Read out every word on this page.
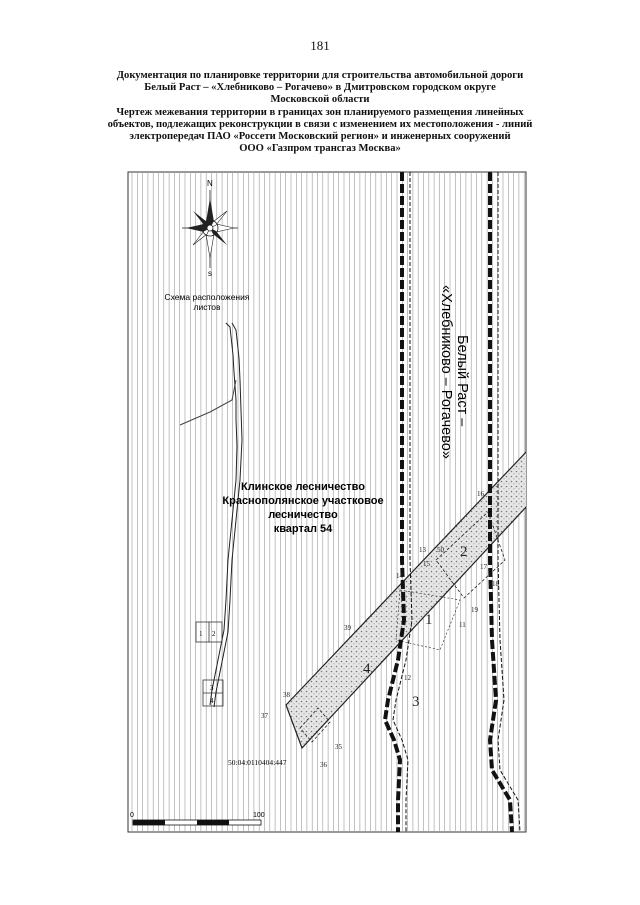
181
Документация по планировке территории для строительства автомобильной дороги
Белый Раст – «Хлебниково – Рогачево» в Дмитровском городском округе
Московской области
Чертеж межевания территории в границах зон планируемого размещения линейных
объектов, подлежащих реконструкции в связи с изменением их местоположения - линий
электропередач ПАО «Россети Московский регион» и инженерных сооружений
ООО «Газпром трансгаз Москва»
1 2
3
4
N
s
Схема расположения
листов
Белый Раст –
«Хлебниково – Рогачево»
Клинское лесничество
Краснополянское участковое
лесничество
квартал 54
1
2
3
4
16
13 50
17
15
14
18
19
11
39
12
37
38
35
36
50:04:0110404:447
0	100
